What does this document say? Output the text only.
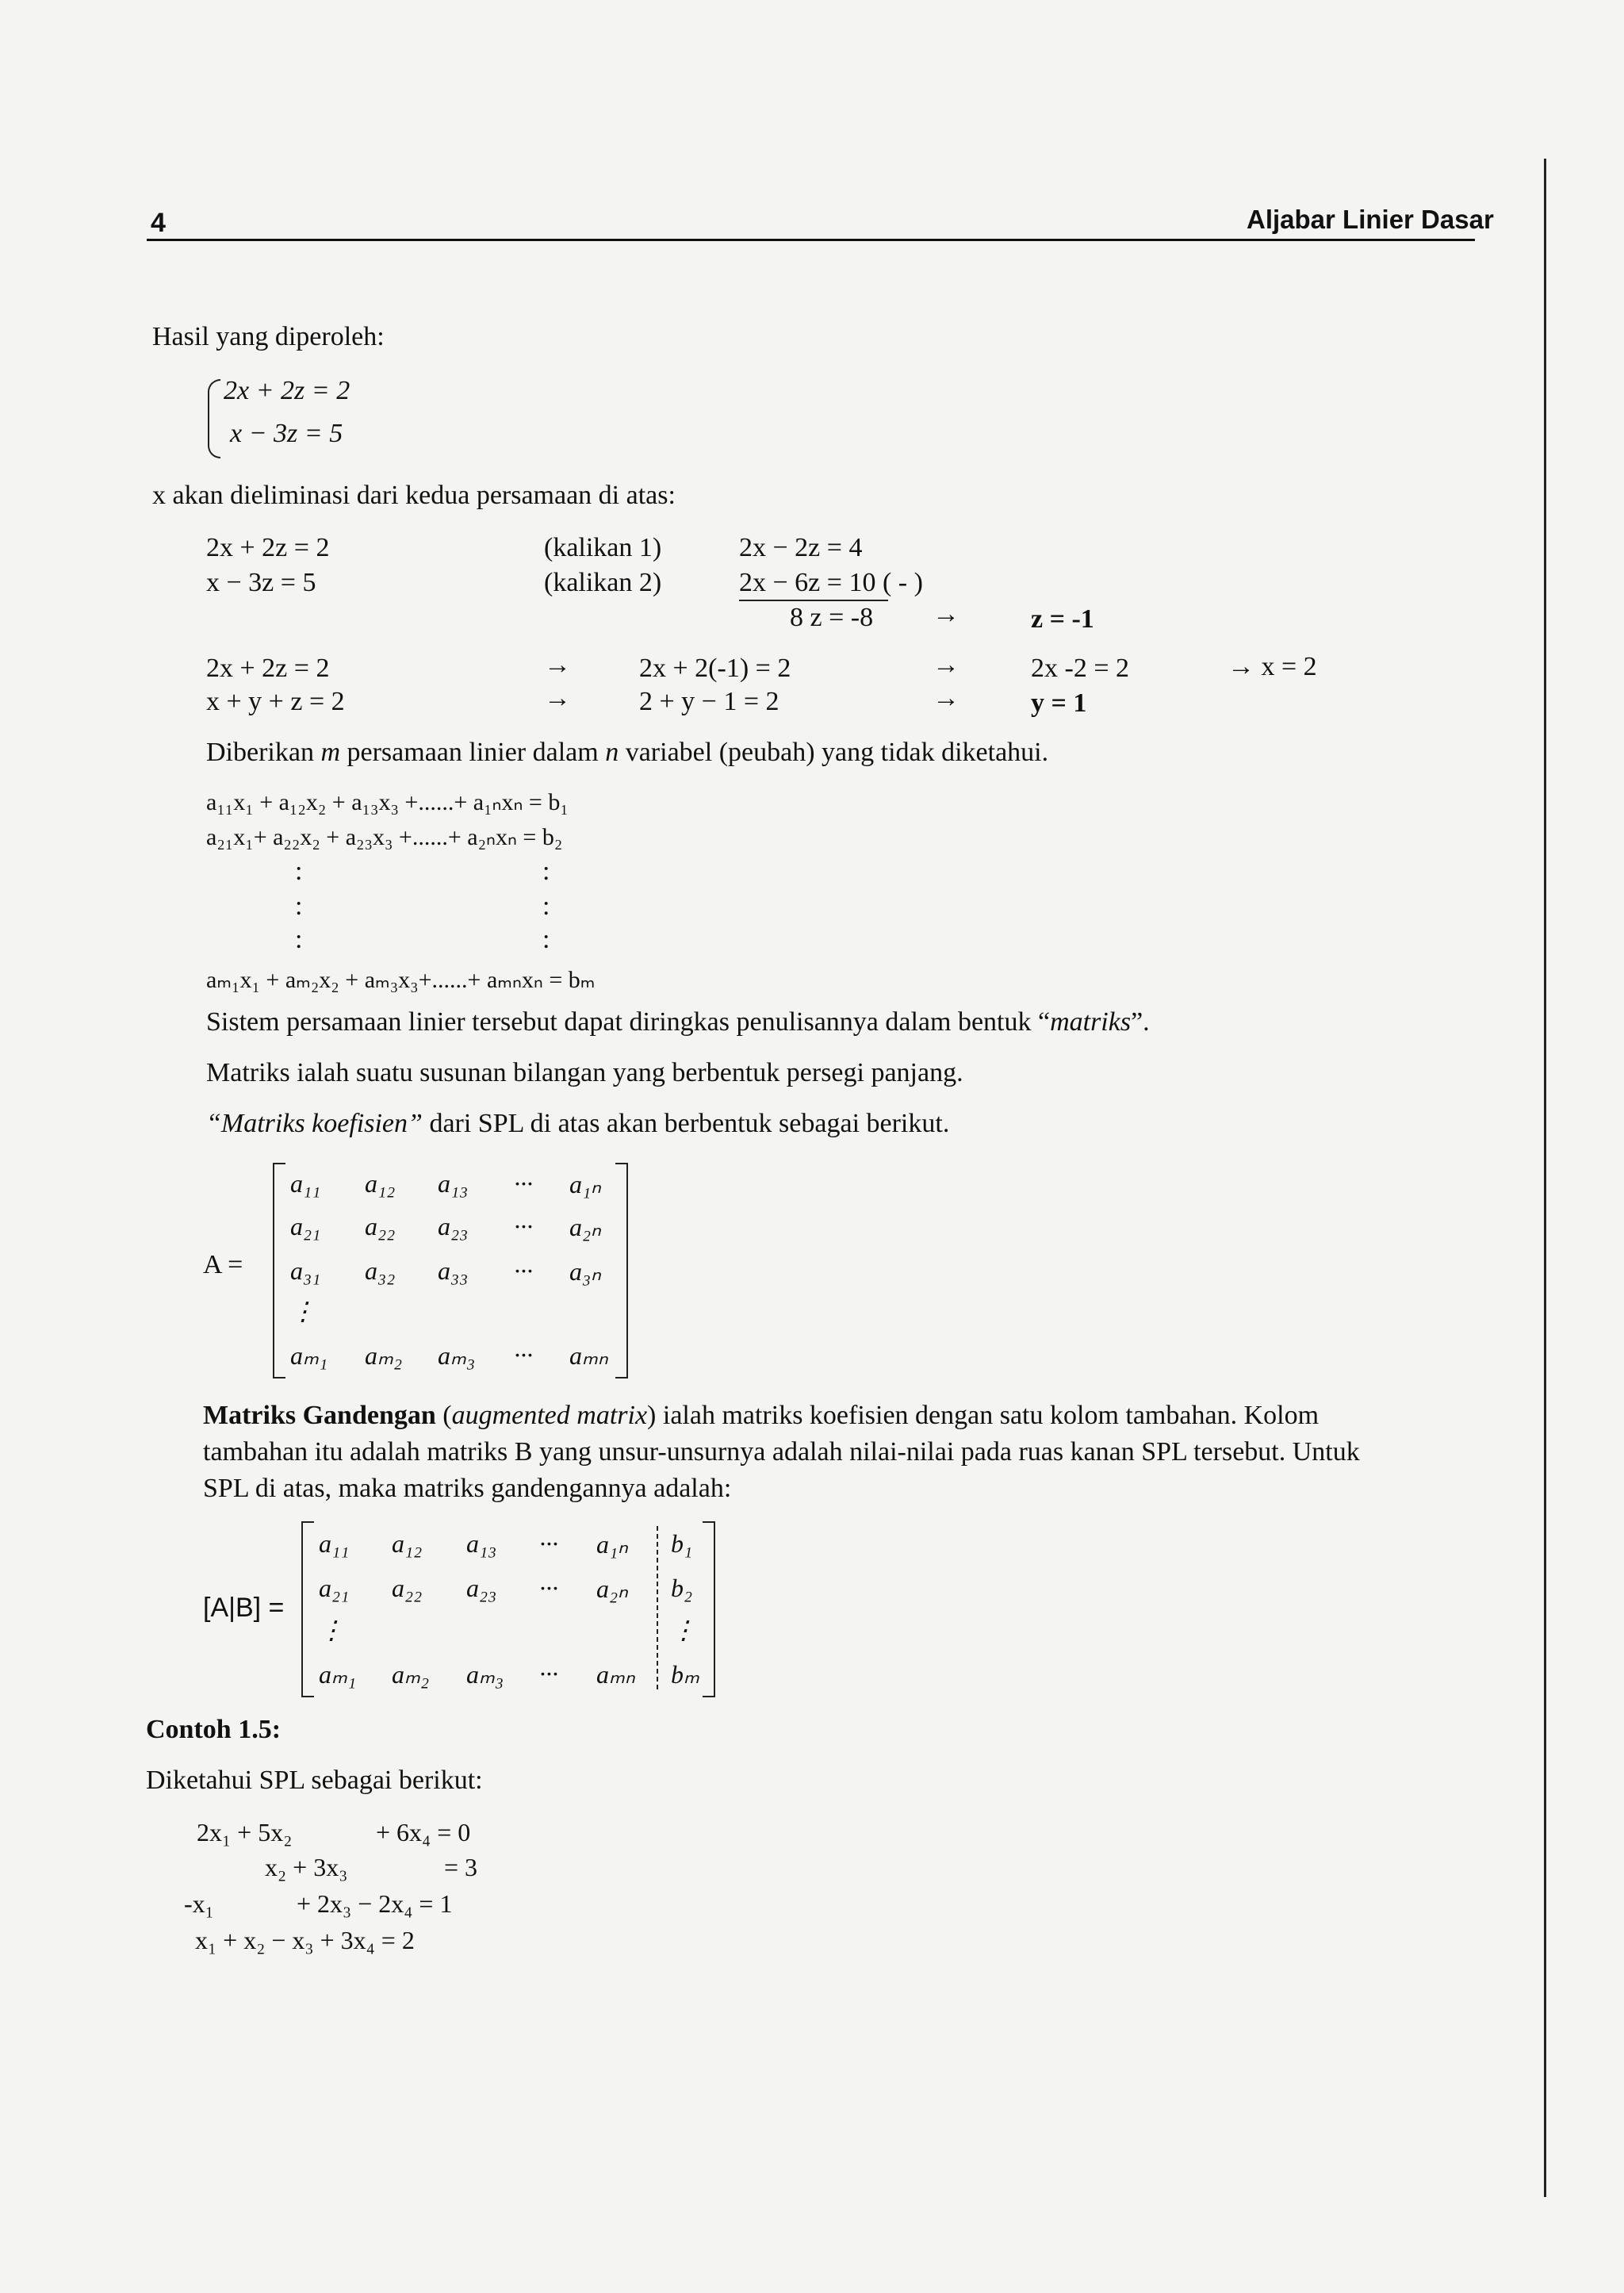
4	Aljabar Linier Dasar
Hasil yang diperoleh:
2x + 2z = 2
x − 3z = 5
x akan dieliminasi dari kedua persamaan di atas:
2x + 2z = 2	(kalikan 1)	2x − 2z = 4
x − 3z = 5	(kalikan 2)	2x − 6z = 10 ( - )
8 z = -8 →	z = -1
2x + 2z = 2	→	2x + 2(-1) = 2	→	2x -2 = 2	→ x = 2
x + y + z = 2	→	2 + y − 1 = 2	→	y = 1
Diberikan m persamaan linier dalam n variabel (peubah) yang tidak diketahui.
a₁₁x₁ + a₁₂x₂ + a₁₃x₃ +......+ a₁ₙxₙ = b₁
a₂₁x₁+ a₂₂x₂ + a₂₃x₃ +......+ a₂ₙxₙ = b₂
:	:
:	:
:	:
aₘ₁x₁ + aₘ₂x₂ + aₘ₃x₃+......+ aₘₙxₙ = bₘ
Sistem persamaan linier tersebut dapat diringkas penulisannya dalam bentuk “matriks”.
Matriks ialah suatu susunan bilangan yang berbentuk persegi panjang.
“Matriks koefisien” dari SPL di atas akan berbentuk sebagai berikut.
A =
a₁₁ a₁₂ a₁₃ ··· a₁ₙ
a₂₁ a₂₂ a₂₃ ··· a₂ₙ
a₃₁ a₃₂ a₃₃ ··· a₃ₙ
⋮
aₘ₁ aₘ₂ aₘ₃ ··· aₘₙ
Matriks Gandengan (augmented matrix) ialah matriks koefisien dengan satu kolom tambahan. Kolom
tambahan itu adalah matriks B yang unsur-unsurnya adalah nilai-nilai pada ruas kanan SPL tersebut. Untuk
SPL di atas, maka matriks gandengannya adalah:
[A|B] =
a₁₁ a₁₂ a₁₃ ··· a₁ₙ b₁
a₂₁ a₂₂ a₂₃ ··· a₂ₙ b₂
⋮	⋮
aₘ₁ aₘ₂ aₘ₃ ··· aₘₙ bₘ
Contoh 1.5:
Diketahui SPL sebagai berikut:
2x₁ + 5x₂	+ 6x₄ = 0
x₂ + 3x₃	= 3
-x₁	+ 2x₃ − 2x₄ = 1
x₁ + x₂ − x₃ + 3x₄ = 2
